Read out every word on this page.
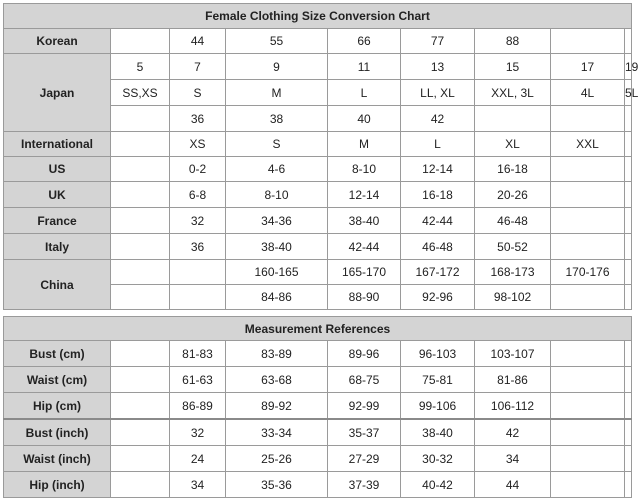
Female Clothing Size Conversion Chart								
Korean		44	55	66	77	88		
Japan	5	7	9	11	13	15	17	19
	SS,XS	S	M	L	LL, XL	XXL, 3L	4L	5L
		36	38	40	42			
International		XS	S	M	L	XL	XXL	
US		0-2	4-6	8-10	12-14	16-18		
UK		6-8	8-10	12-14	16-18	20-26		
France		32	34-36	38-40	42-44	46-48		
Italy		36	38-40	42-44	46-48	50-52		
China			160-165	165-170	167-172	168-173	170-176	
			84-86	88-90	92-96	98-102		

Measurement References								
Bust (cm)		81-83	83-89	89-96	96-103	103-107		
Waist (cm)		61-63	63-68	68-75	75-81	81-86		
Hip (cm)		86-89	89-92	92-99	99-106	106-112		
Bust (inch)		32	33-34	35-37	38-40	42		
Waist (inch)		24	25-26	27-29	30-32	34		
Hip (inch)		34	35-36	37-39	40-42	44		
